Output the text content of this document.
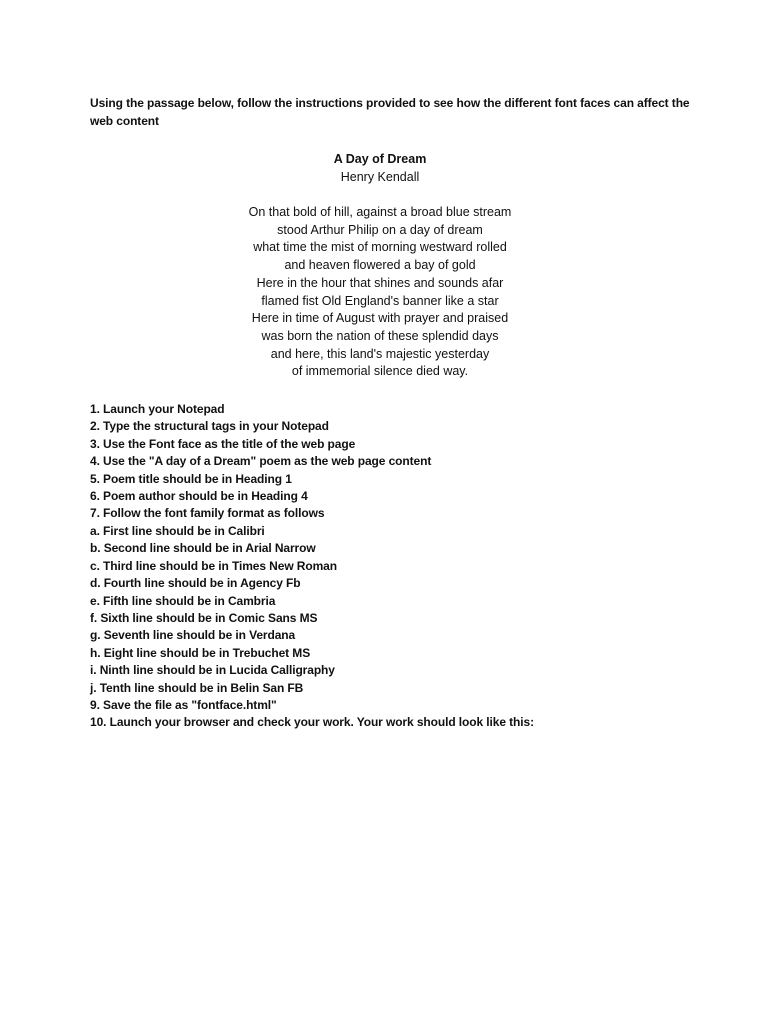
Using the passage below, follow the instructions provided to see how the different font faces can affect the web content
A Day of Dream
Henry Kendall
On that bold of hill, against a broad blue stream
stood Arthur Philip on a day of dream
what time the mist of morning westward rolled
and heaven flowered a bay of gold
Here in the hour that shines and sounds afar
flamed fist Old England's banner like a star
Here in time of August with prayer and praised
was born the nation of these splendid days
and here, this land's majestic yesterday
of immemorial silence died way.
1. Launch your Notepad
2. Type the structural tags in your Notepad
3. Use the Font face as the title of the web page
4. Use the "A day of a Dream" poem as the web page content
5. Poem title should be in Heading 1
6. Poem author should be in Heading 4
7. Follow the font family format as follows
a. First line should be in Calibri
b. Second line should be in Arial Narrow
c. Third line should be in Times New Roman
d. Fourth line should be in Agency Fb
e. Fifth line should be in Cambria
f. Sixth line should be in Comic Sans MS
g. Seventh line should be in Verdana
h. Eight line should be in Trebuchet MS
i. Ninth line should be in Lucida Calligraphy
j. Tenth line should be in Belin San FB
9. Save the file as "fontface.html"
10. Launch your browser and check your work. Your work should look like this:
